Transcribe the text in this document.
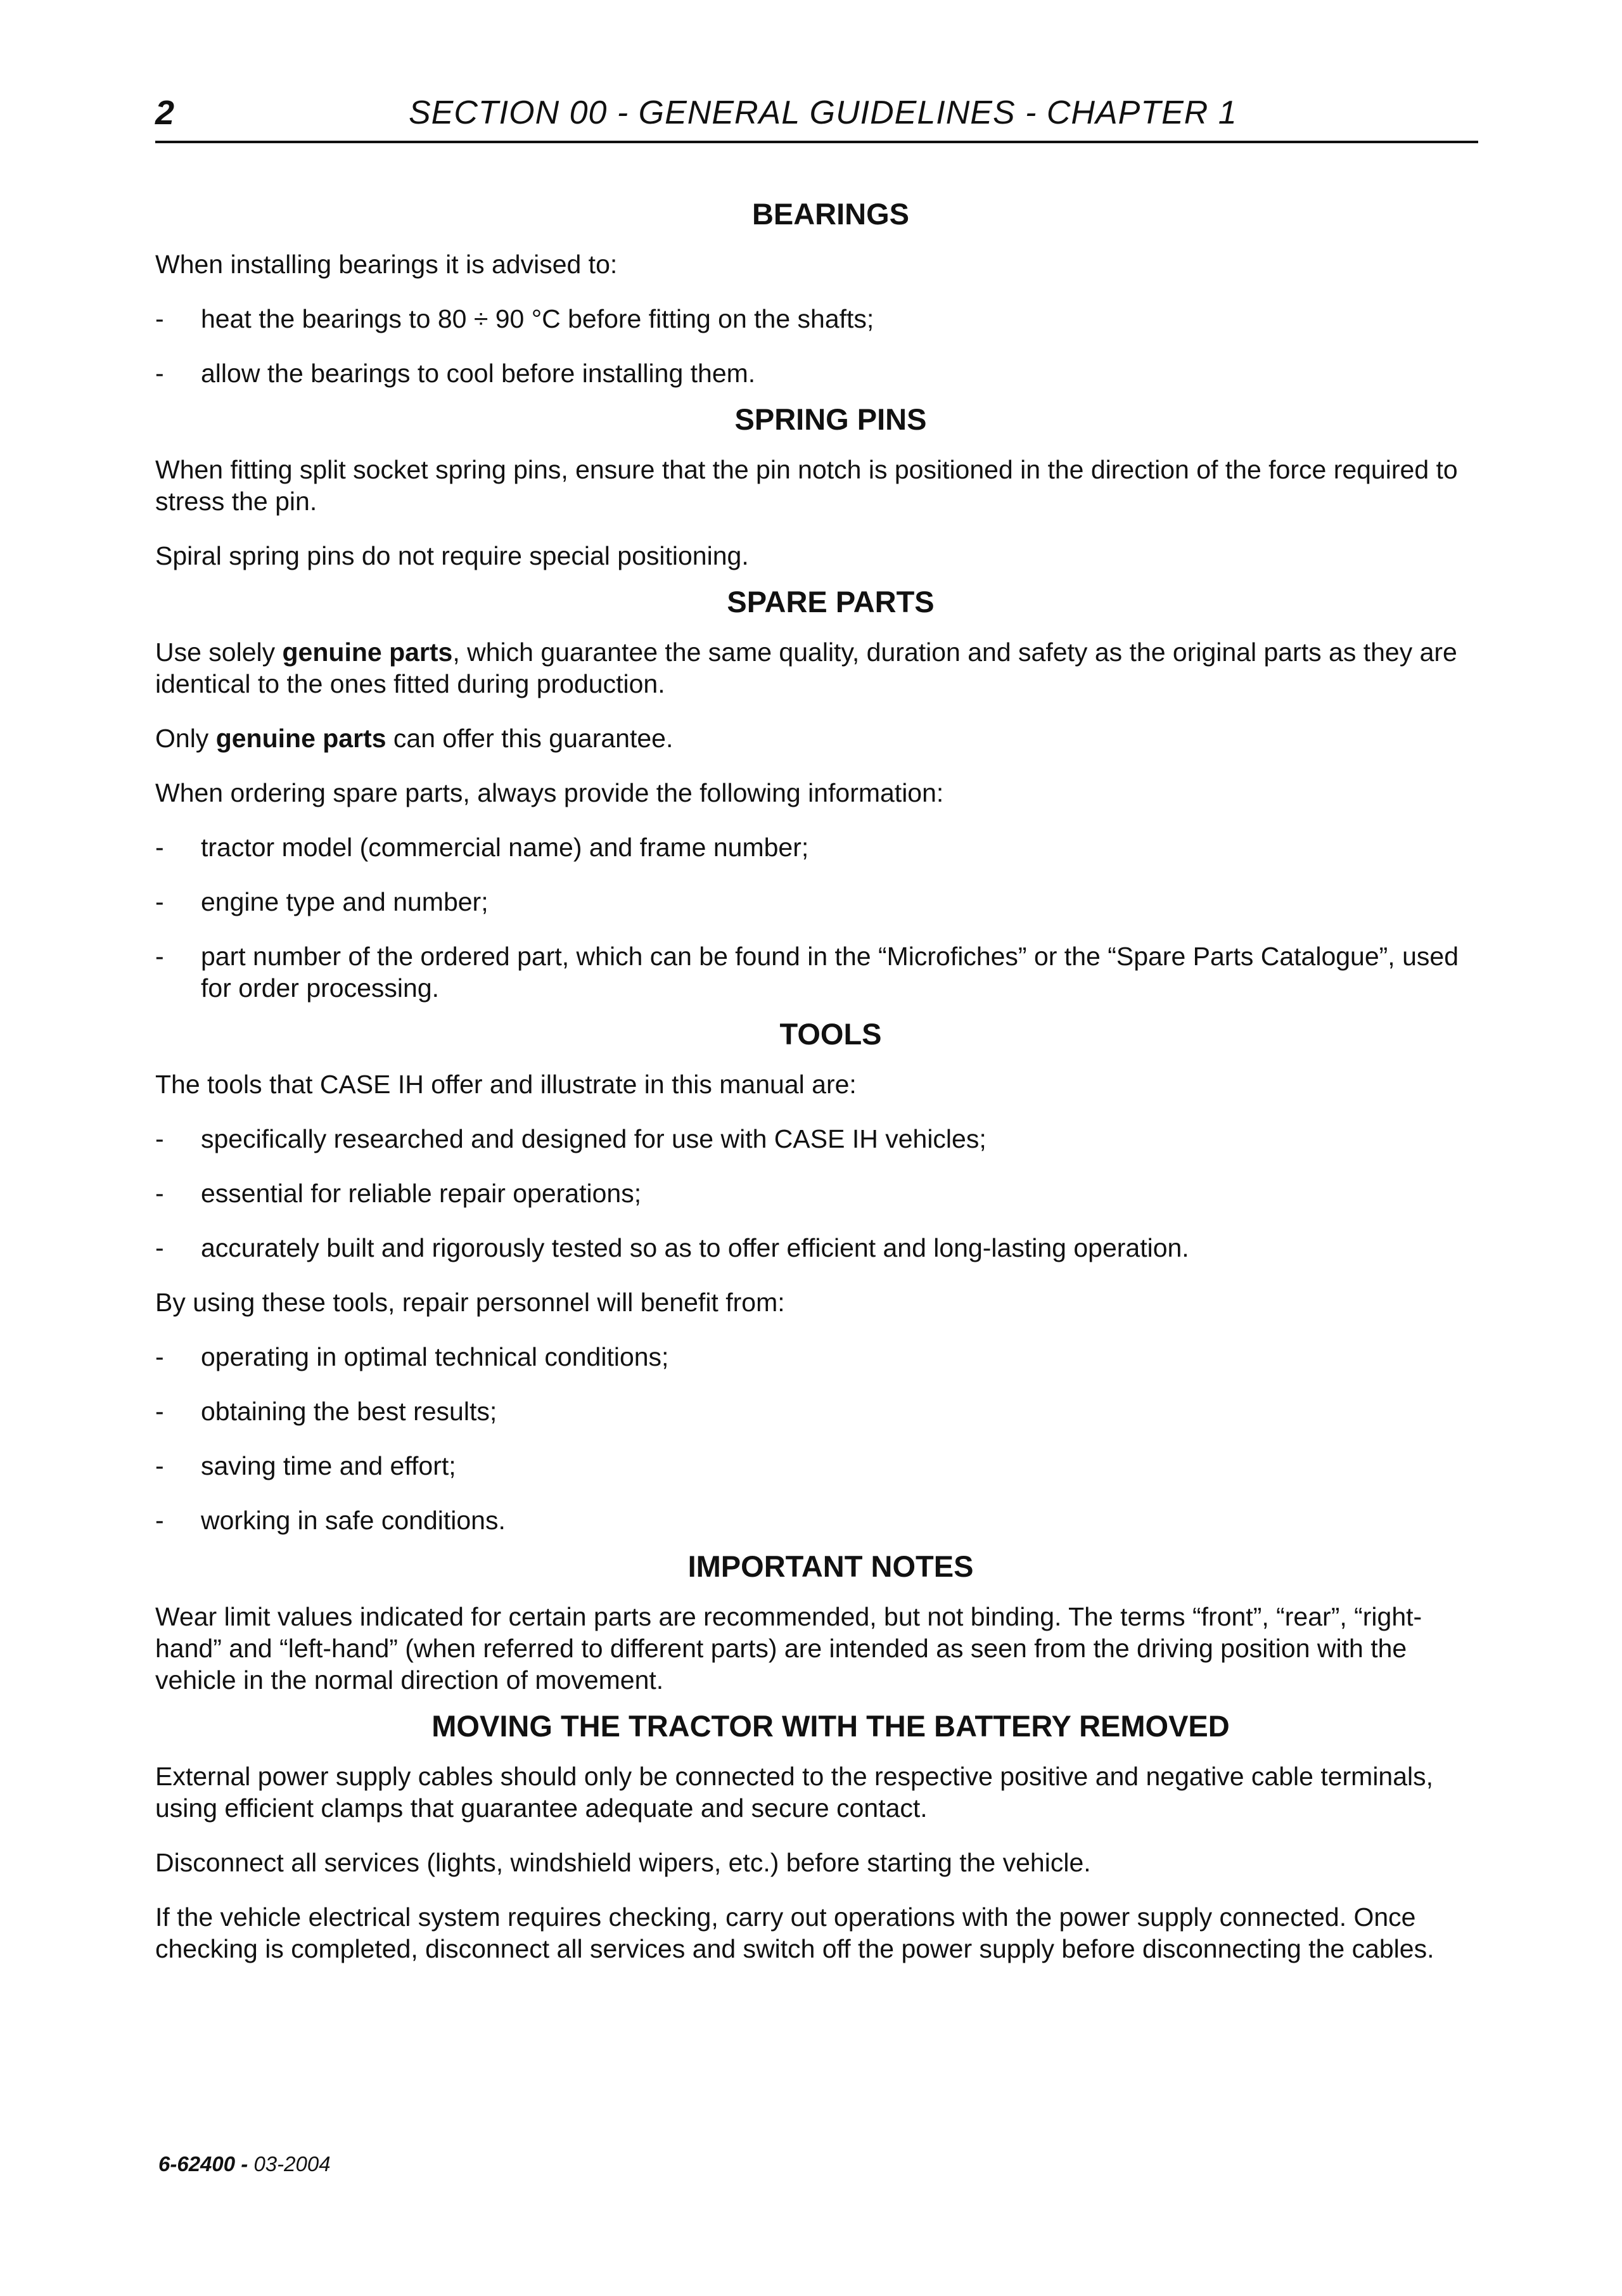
2	SECTION 00 - GENERAL GUIDELINES - CHAPTER 1
BEARINGS
When installing bearings it is advised to:
- heat the bearings to 80 ÷ 90 °C before fitting on the shafts;
- allow the bearings to cool before installing them.
SPRING PINS
When fitting split socket spring pins, ensure that the pin notch is positioned in the direction of the force required to stress the pin.
Spiral spring pins do not require special positioning.
SPARE PARTS
Use solely genuine parts, which guarantee the same quality, duration and safety as the original parts as they are identical to the ones fitted during production.
Only genuine parts can offer this guarantee.
When ordering spare parts, always provide the following information:
- tractor model (commercial name) and frame number;
- engine type and number;
- part number of the ordered part, which can be found in the “Microfiches” or the “Spare Parts Catalogue”, used for order processing.
TOOLS
The tools that CASE IH offer and illustrate in this manual are:
- specifically researched and designed for use with CASE IH vehicles;
- essential for reliable repair operations;
- accurately built and rigorously tested so as to offer efficient and long-lasting operation.
By using these tools, repair personnel will benefit from:
- operating in optimal technical conditions;
- obtaining the best results;
- saving time and effort;
- working in safe conditions.
IMPORTANT NOTES
Wear limit values indicated for certain parts are recommended, but not binding. The terms “front”, “rear”, “right-hand” and “left-hand” (when referred to different parts) are intended as seen from the driving position with the vehicle in the normal direction of movement.
MOVING THE TRACTOR WITH THE BATTERY REMOVED
External power supply cables should only be connected to the respective positive and negative cable terminals, using efficient clamps that guarantee adequate and secure contact.
Disconnect all services (lights, windshield wipers, etc.) before starting the vehicle.
If the vehicle electrical system requires checking, carry out operations with the power supply connected. Once checking is completed, disconnect all services and switch off the power supply before disconnecting the cables.
6-62400 - 03-2004
